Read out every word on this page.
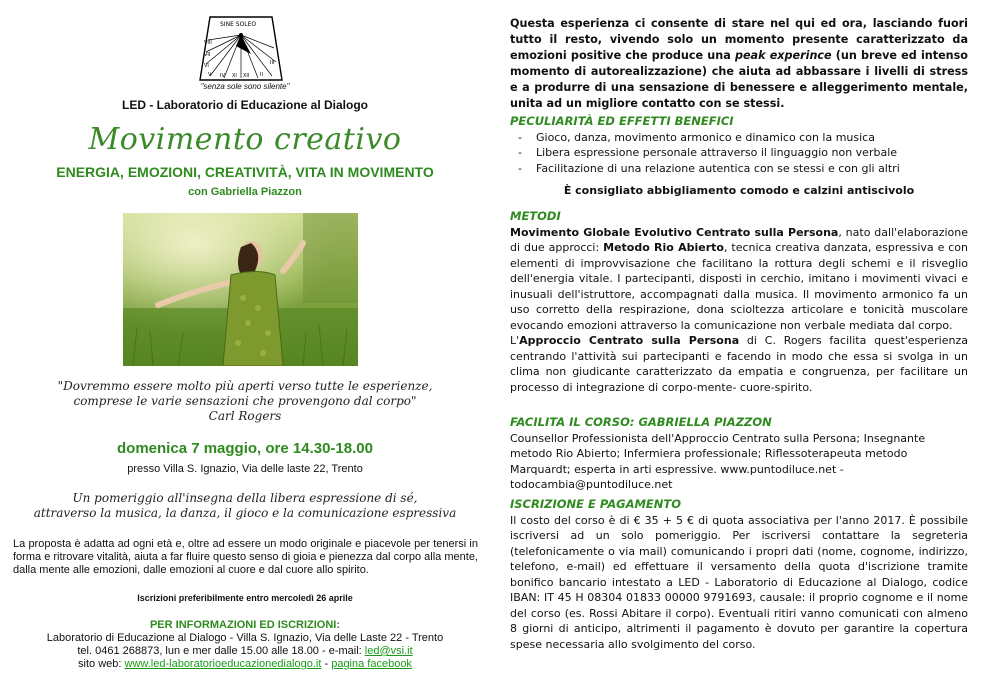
SINE SOLEO
VIII
VII
VI
V IV XI XII II
III
"senza sole sono silente"
LED - Laboratorio di Educazione al Dialogo
Movimento creativo
ENERGIA, EMOZIONI, CREATIVITÀ, VITA IN MOVIMENTO
con Gabriella Piazzon
"Dovremmo essere molto più aperti verso tutte le esperienze,
comprese le varie sensazioni che provengono dal corpo"
Carl Rogers
domenica 7 maggio, ore 14.30-18.00
presso Villa S. Ignazio, Via delle laste 22, Trento
Un pomeriggio all'insegna della libera espressione di sé,
attraverso la musica, la danza, il gioco e la comunicazione espressiva
La proposta è adatta ad ogni età e, oltre ad essere un modo originale e piacevole per tenersi in forma e ritrovare vitalità, aiuta a far fluire questo senso di gioia e pienezza dal corpo alla mente, dalla mente alle emozioni, dalle emozioni al cuore e dal cuore allo spirito.
Iscrizioni preferibilmente entro mercoledì 26 aprile
PER INFORMAZIONI ED ISCRIZIONI:
Laboratorio di Educazione al Dialogo - Villa S. Ignazio, Via delle Laste 22 - Trento
tel. 0461 268873, lun e mer dalle 15.00 alle 18.00 - e-mail: led@vsi.it
sito web: www.led-laboratorioeducazionedialogo.it - pagina facebook

Questa esperienza ci consente di stare nel qui ed ora, lasciando fuori tutto il resto, vivendo solo un momento presente caratterizzato da emozioni positive che produce una peak experince (un breve ed intenso momento di autorealizzazione) che aiuta ad abbassare i livelli di stress e a produrre di una sensazione di benessere e alleggerimento mentale, unita ad un migliore contatto con se stessi.

PECULIARITÀ ED EFFETTI BENEFICI

- Gioco, danza, movimento armonico e dinamico con la musica
- Libera espressione personale attraverso il linguaggio non verbale
- Facilitazione di una relazione autentica con se stessi e con gli altri

È consigliato abbigliamento comodo e calzini antiscivolo

METODI

Movimento Globale Evolutivo Centrato sulla Persona, nato dall'elaborazione di due approcci: Metodo Rio Abierto, tecnica creativa danzata, espressiva e con elementi di improvvisazione che facilitano la rottura degli schemi e il risveglio dell'energia vitale. I partecipanti, disposti in cerchio, imitano i movimenti vivaci e inusuali dell'istruttore, accompagnati dalla musica. Il movimento armonico fa un uso corretto della respirazione, dona scioltezza articolare e tonicità muscolare evocando emozioni attraverso la comunicazione non verbale mediata dal corpo.

L'Approccio Centrato sulla Persona di C. Rogers facilita quest'esperienza centrando l'attività sui partecipanti e facendo in modo che essa si svolga in un clima non giudicante caratterizzato da empatia e congruenza, per facilitare un processo di integrazione di corpo-mente- cuore-spirito.

FACILITA IL CORSO: GABRIELLA PIAZZON

Counsellor Professionista dell'Approccio Centrato sulla Persona; Insegnante metodo Rio Abierto; Infermiera professionale; Riflessoterapeuta metodo Marquardt; esperta in arti espressive. www.puntodiluce.net - todocambia@puntodiluce.net

ISCRIZIONE E PAGAMENTO

Il costo del corso è di € 35 + 5 € di quota associativa per l'anno 2017. È possibile iscriversi ad un solo pomeriggio. Per iscriversi contattare la segreteria (telefonicamente o via mail) comunicando i propri dati (nome, cognome, indirizzo, telefono, e-mail) ed effettuare il versamento della quota d'iscrizione tramite bonifico bancario intestato a LED - Laboratorio di Educazione al Dialogo, codice IBAN: IT 45 H 08304 01833 00000 9791693, causale: il proprio cognome e il nome del corso (es. Rossi Abitare il corpo). Eventuali ritiri vanno comunicati con almeno 8 giorni di anticipo, altrimenti il pagamento è dovuto per garantire la copertura spese necessaria allo svolgimento del corso.
